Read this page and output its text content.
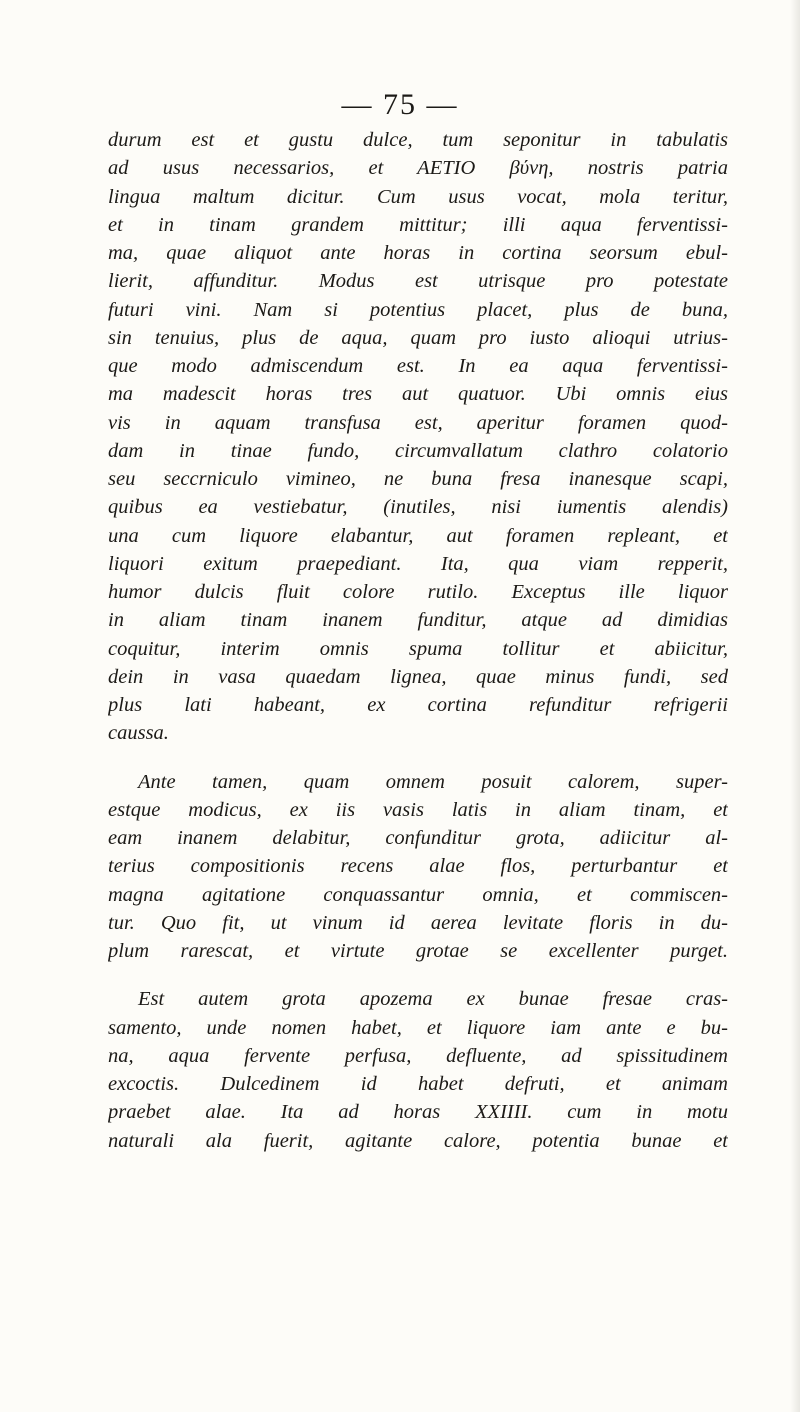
— 75 —
durum est et gustu dulce, tum seponitur in tabulatis
ad usus necessarios, et AETIO βύνη, nostris patria
lingua maltum dicitur. Cum usus vocat, mola teritur,
et in tinam grandem mittitur; illi aqua ferventissi-
ma, quae aliquot ante horas in cortina seorsum ebul-
lierit, affunditur. Modus est utrisque pro potestate
futuri vini. Nam si potentius placet, plus de buna,
sin tenuius, plus de aqua, quam pro iusto alioqui utrius-
que modo admiscendum est. In ea aqua ferventissi-
ma madescit horas tres aut quatuor. Ubi omnis eius
vis in aquam transfusa est, aperitur foramen quod-
dam in tinae fundo, circumvallatum clathro colatorio
seu seccrniculo vimineo, ne buna fresa inanesque scapi,
quibus ea vestiebatur, (inutiles, nisi iumentis alendis)
una cum liquore elabantur, aut foramen repleant, et
liquori exitum praepediant. Ita, qua viam repperit,
humor dulcis fluit colore rutilo. Exceptus ille liquor
in aliam tinam inanem funditur, atque ad dimidias
coquitur, interim omnis spuma tollitur et abiicitur,
dein in vasa quaedam lignea, quae minus fundi, sed
plus lati habeant, ex cortina refunditur refrigerii
caussa.
Ante tamen, quam omnem posuit calorem, super-
estque modicus, ex iis vasis latis in aliam tinam, et
eam inanem delabitur, confunditur grota, adiicitur al-
terius compositionis recens alae flos, perturbantur et
magna agitatione conquassantur omnia, et commiscen-
tur. Quo fit, ut vinum id aerea levitate floris in du-
plum rarescat, et virtute grotae se excellenter purget.
Est autem grota apozema ex bunae fresae cras-
samento, unde nomen habet, et liquore iam ante e bu-
na, aqua fervente perfusa, defluente, ad spissitudinem
excoctis. Dulcedinem id habet defruti, et animam
praebet alae. Ita ad horas XXIIII. cum in motu
naturali ala fuerit, agitante calore, potentia bunae et
